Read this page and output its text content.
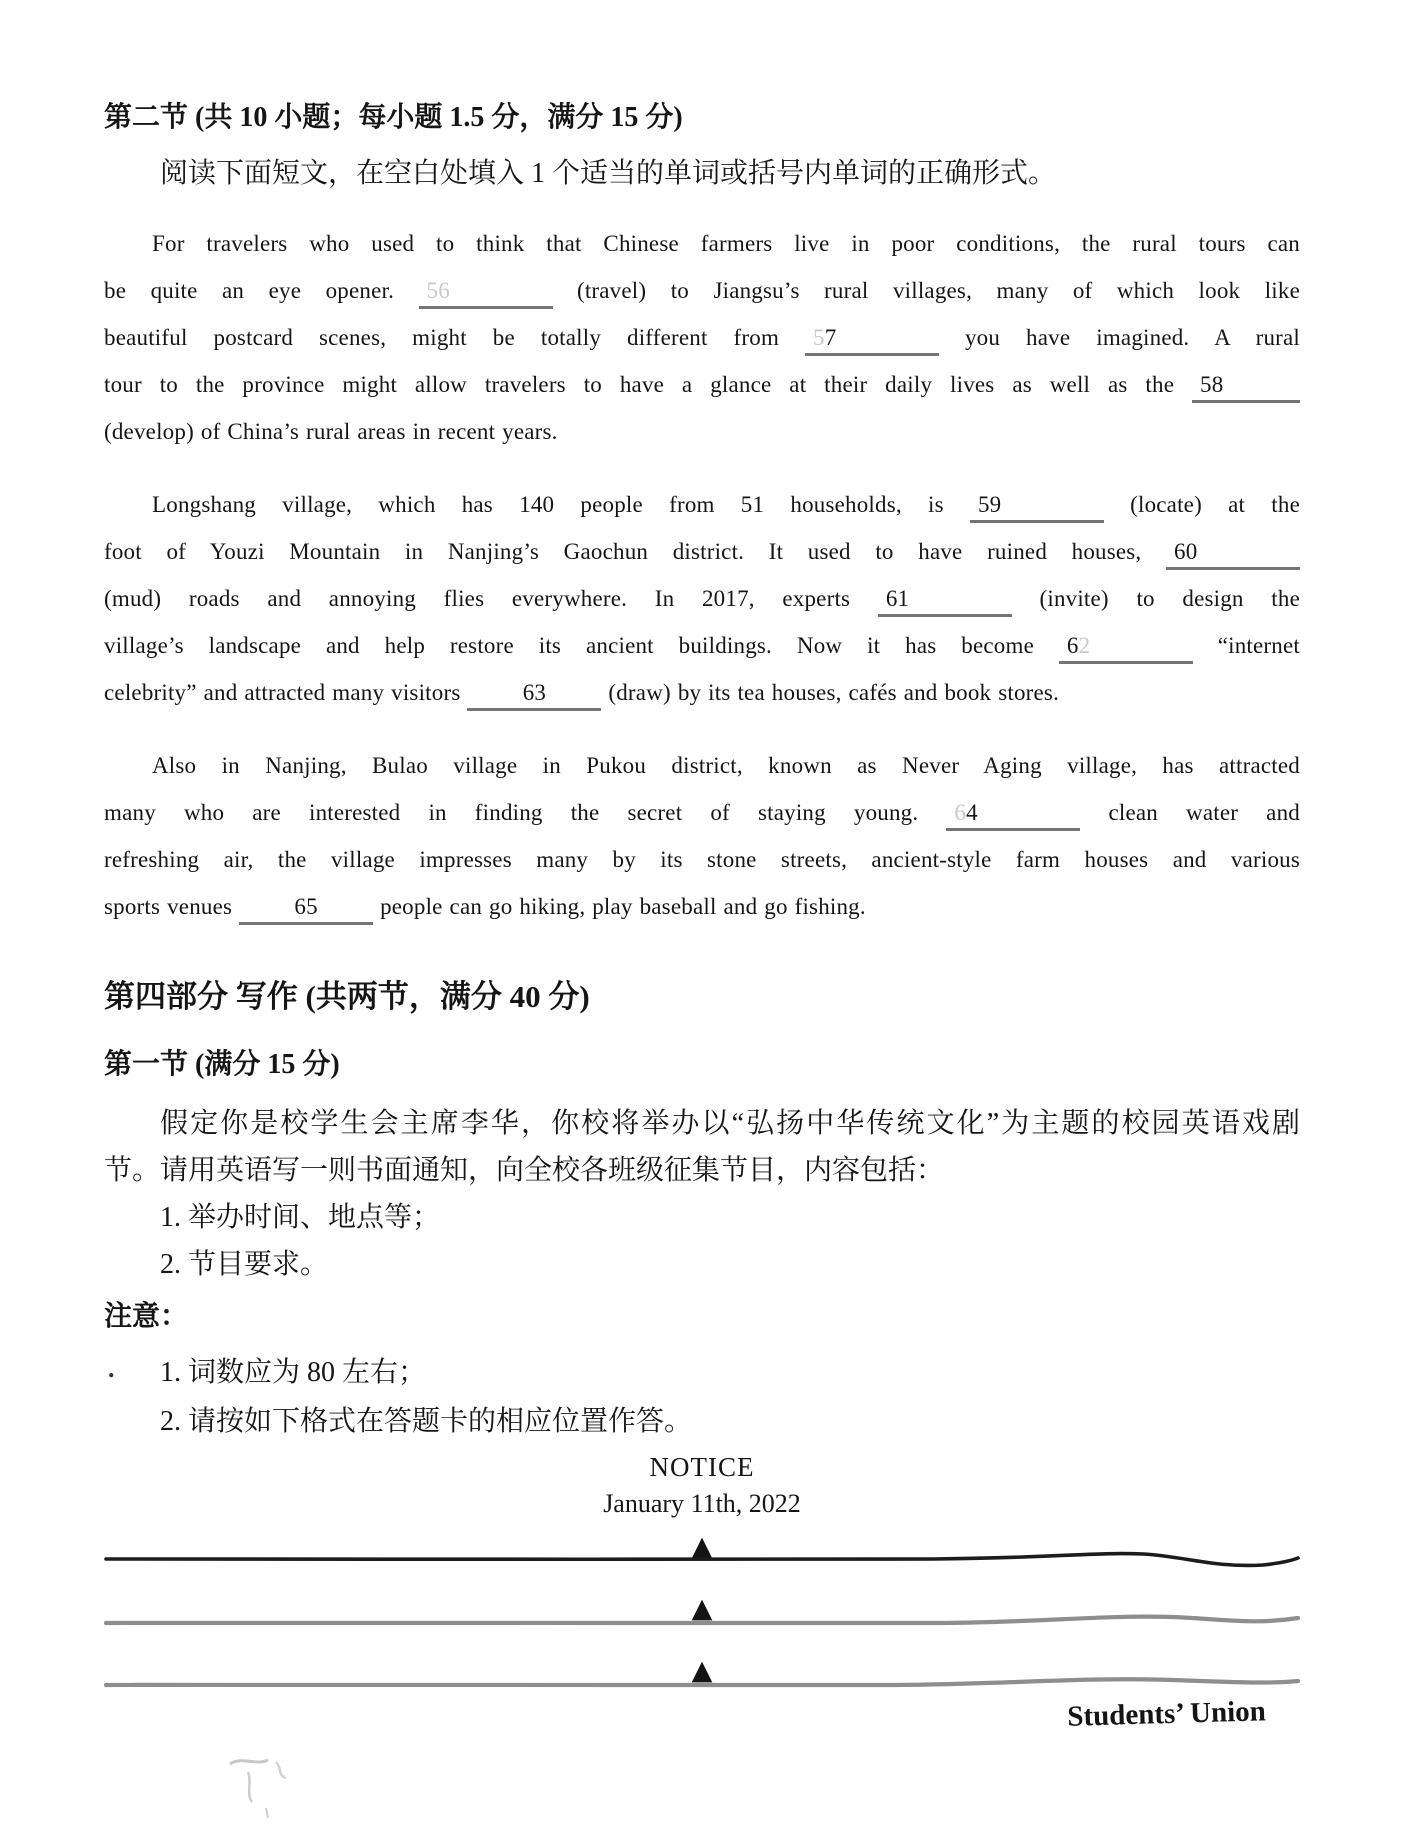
第二节 (共 10 小题；每小题 1.5 分，满分 15 分)
阅读下面短文，在空白处填入 1 个适当的单词或括号内单词的正确形式。
For travelers who used to think that Chinese farmers live in poor conditions, the rural tours can
be quite an eye opener. 56	(travel) to Jiangsu’s rural villages, many of which look like
beautiful postcard scenes, might be totally different from 57	you have imagined. A rural
tour to the province might allow travelers to have a glance at their daily lives as well as the 58
(develop) of China’s rural areas in recent years.
Longshang village, which has 140 people from 51 households, is 59	(locate) at the
foot of Youzi Mountain in Nanjing’s Gaochun district. It used to have ruined houses, 60
(mud) roads and annoying flies everywhere. In 2017, experts 61	(invite) to design the
village’s landscape and help restore its ancient buildings. Now it has become 62	“internet
celebrity” and attracted many visitors 63 (draw) by its tea houses, cafés and book stores.
Also in Nanjing, Bulao village in Pukou district, known as Never Aging village, has attracted
many who are interested in finding the secret of staying young. 64	clean water and
refreshing air, the village impresses many by its stone streets, ancient-style farm houses and various
sports venues 65 people can go hiking, play baseball and go fishing.
第四部分 写作 (共两节，满分 40 分)
第一节 (满分 15 分)
假定你是校学生会主席李华，你校将举办以“弘扬中华传统文化”为主题的校园英语戏剧
节。请用英语写一则书面通知，向全校各班级征集节目，内容包括：
1. 举办时间、地点等；
2. 节目要求。
注意：
.	1. 词数应为 80 左右；
2. 请按如下格式在答题卡的相应位置作答。
NOTICE
January 11th, 2022
▲
▲
▲
Students’ Union
